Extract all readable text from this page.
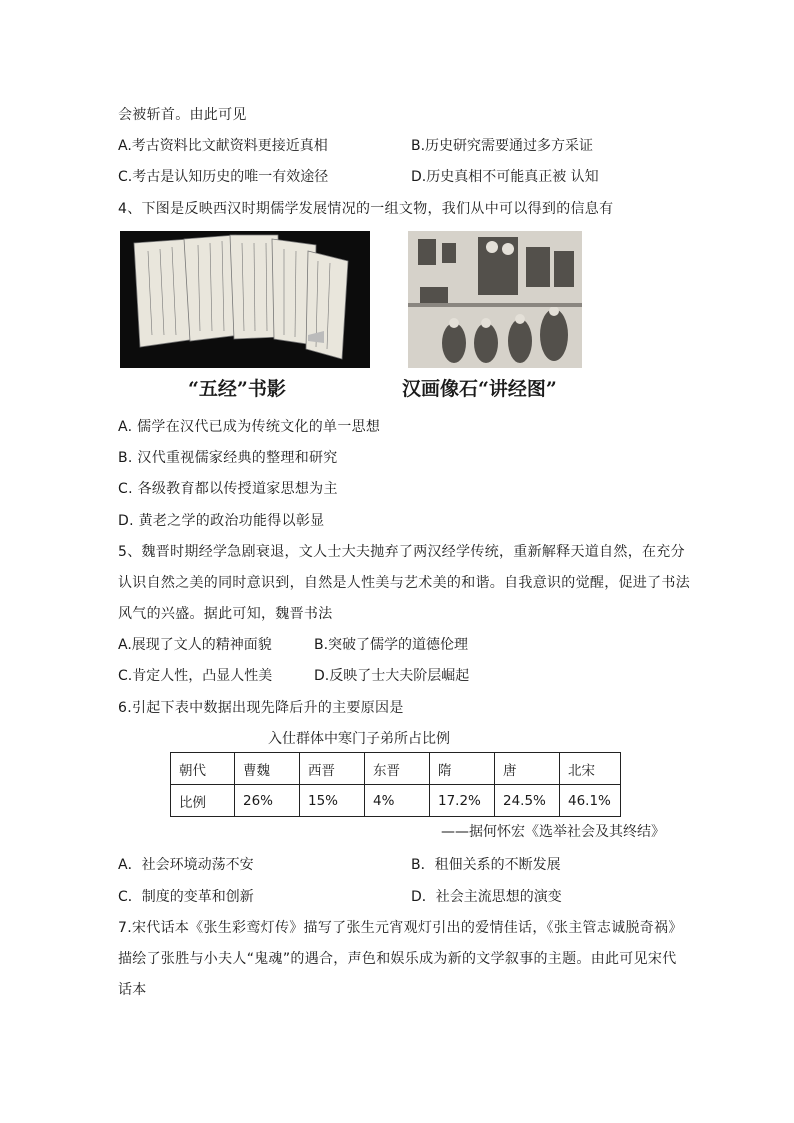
会被斩首。由此可见
A.考古资料比文献资料更接近真相	B.历史研究需要通过多方采证
C.考古是认知历史的唯一有效途径	D.历史真相不可能真正被 认知
4、下图是反映西汉时期儒学发展情况的一组文物，我们从中可以得到的信息有
“五经”书影	汉画像石“讲经图”
A. 儒学在汉代已成为传统文化的单一思想
B. 汉代重视儒家经典的整理和研究
C. 各级教育都以传授道家思想为主
D. 黄老之学的政治功能得以彰显
5、魏晋时期经学急剧衰退，文人士大夫抛弃了两汉经学传统，重新解释天道自然，在充分
认识自然之美的同时意识到，自然是人性美与艺术美的和谐。自我意识的觉醒，促进了书法
风气的兴盛。据此可知，魏晋书法
A.展现了文人的精神面貌	B.突破了儒学的道德伦理
C.肯定人性，凸显人性美	D.反映了士大夫阶层崛起
6.引起下表中数据出现先降后升的主要原因是
入仕群体中寒门子弟所占比例
朝代	曹魏	西晋	东晋	隋	唐	北宋
比例	26%	15%	4%	17.2%	24.5%	46.1%
——据何怀宏《选举社会及其终结》
A．社会环境动荡不安	B．租佃关系的不断发展
C．制度的变革和创新	D．社会主流思想的演变
7.宋代话本《张生彩鸾灯传》描写了张生元宵观灯引出的爱情佳话，《张主管志诚脱奇祸》
描绘了张胜与小夫人“鬼魂”的遇合，声色和娱乐成为新的文学叙事的主题。由此可见宋代
话本
